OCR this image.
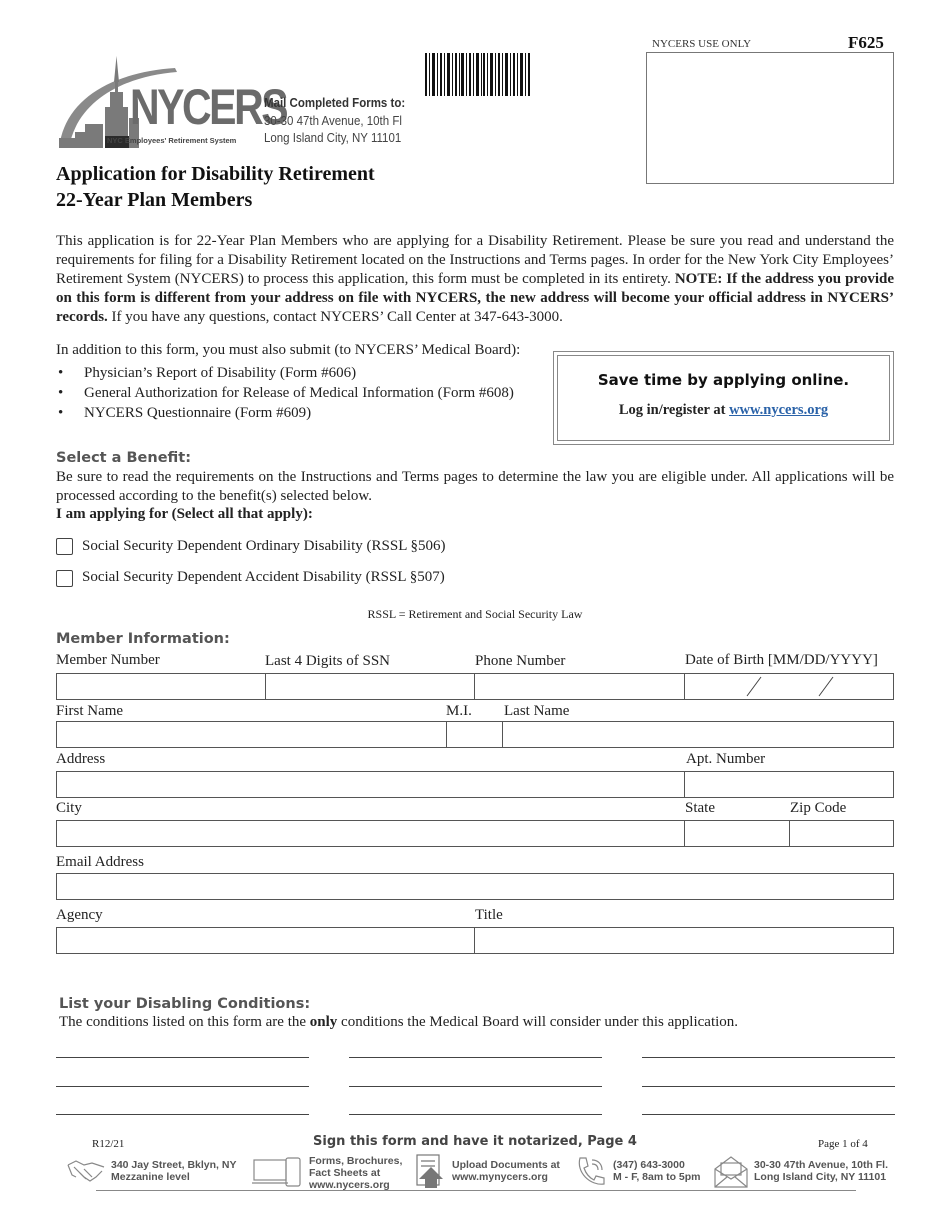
NYCERS
NYC Employees' Retirement System
Mail Completed Forms to:
30-30 47th Avenue, 10th Fl
Long Island City, NY 11101
NYCERS USE ONLY	F625
Application for Disability Retirement
22-Year Plan Members
This application is for 22-Year Plan Members who are applying for a Disability Retirement. Please be sure you read and understand the requirements for filing for a Disability Retirement located on the Instructions and Terms pages. In order for the New York City Employees’ Retirement System (NYCERS) to process this application, this form must be completed in its entirety. NOTE: If the address you provide on this form is different from your address on file with NYCERS, the new address will become your official address in NYCERS’ records. If you have any questions, contact NYCERS’ Call Center at 347-643-3000.
In addition to this form, you must also submit (to NYCERS’ Medical Board):
• Physician’s Report of Disability (Form #606)
• General Authorization for Release of Medical Information (Form #608)
• NYCERS Questionnaire (Form #609)
Save time by applying online.
Log in/register at www.nycers.org
Select a Benefit:
Be sure to read the requirements on the Instructions and Terms pages to determine the law you are eligible under. All applications will be processed according to the benefit(s) selected below.
I am applying for (Select all that apply):
Social Security Dependent Ordinary Disability (RSSL §506)
Social Security Dependent Accident Disability (RSSL §507)
RSSL = Retirement and Social Security Law
Member Information:
Member Number	Last 4 Digits of SSN	Phone Number	Date of Birth [MM/DD/YYYY]
First Name	M.I. Last Name
Address	Apt. Number
City	State	Zip Code
Email Address
Agency	Title
List your Disabling Conditions:
The conditions listed on this form are the only conditions the Medical Board will consider under this application.
R12/21	Sign this form and have it notarized, Page 4	Page 1 of 4
340 Jay Street, Bklyn, NY
Mezzanine level
Forms, Brochures,
Fact Sheets at
www.nycers.org
Upload Documents at
www.mynycers.org
(347) 643-3000
M - F, 8am to 5pm
30-30 47th Avenue, 10th Fl.
Long Island City, NY 11101
